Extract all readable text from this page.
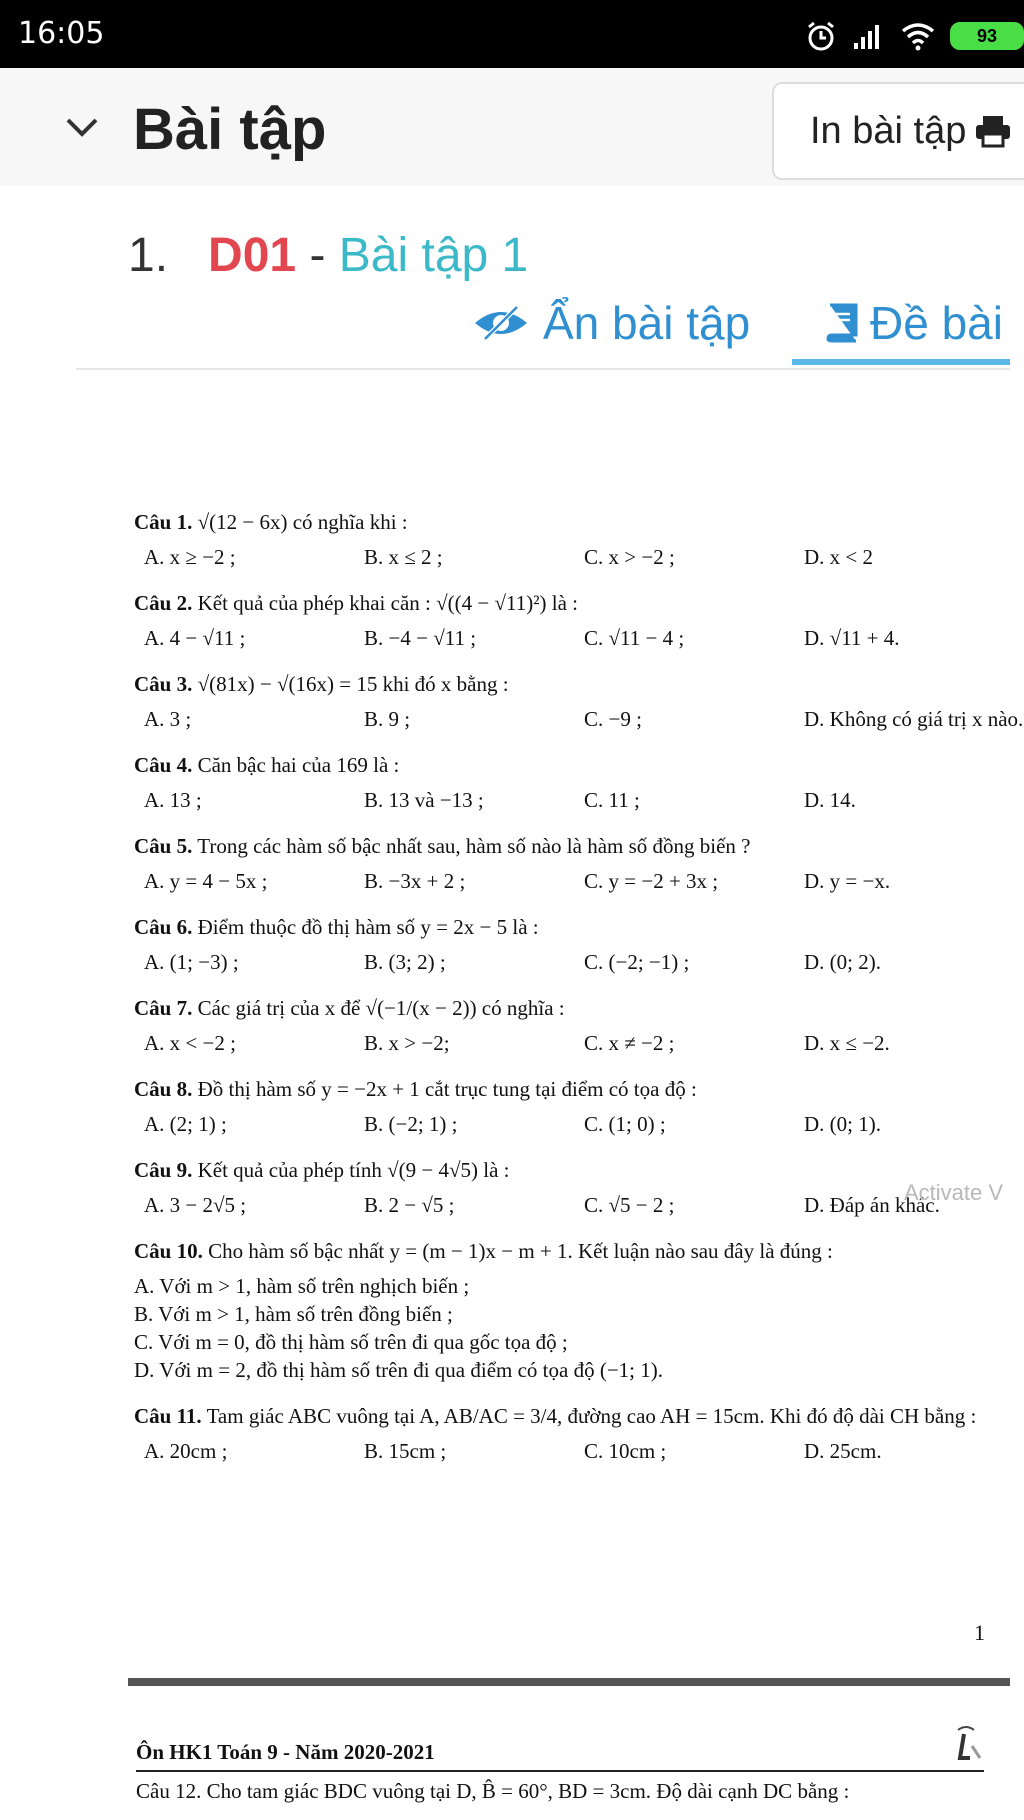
16:05	93
Bài tập	In bài tập
1. D01 - Bài tập 1
Ẩn bài tập	Đề bài
Câu 1. √(12 − 6x) có nghĩa khi :
A. x ≥ −2 ;	B. x ≤ 2 ;	C. x > −2 ;	D. x < 2
Câu 2. Kết quả của phép khai căn : √((4 − √11)²) là :
A. 4 − √11 ;	B. −4 − √11 ;	C. √11 − 4 ;	D. √11 + 4.
Câu 3. √(81x) − √(16x) = 15 khi đó x bằng :
A. 3 ;	B. 9 ;	C. −9 ;	D. Không có giá trị x nào.
Câu 4. Căn bậc hai của 169 là :
A. 13 ;	B. 13 và −13 ;	C. 11 ;	D. 14.
Câu 5. Trong các hàm số bậc nhất sau, hàm số nào là hàm số đồng biến ?
A. y = 4 − 5x ;	B. −3x + 2 ;	C. y = −2 + 3x ;	D. y = −x.
Câu 6. Điểm thuộc đồ thị hàm số y = 2x − 5 là :
A. (1; −3) ;	B. (3; 2) ;	C. (−2; −1) ;	D. (0; 2).
Câu 7. Các giá trị của x để √(−1/(x − 2)) có nghĩa :
A. x < −2 ;	B. x > −2;	C. x ≠ −2 ;	D. x ≤ −2.
Câu 8. Đồ thị hàm số y = −2x + 1 cắt trục tung tại điểm có tọa độ :
A. (2; 1) ;	B. (−2; 1) ;	C. (1; 0) ;	D. (0; 1).
Câu 9. Kết quả của phép tính √(9 − 4√5) là :
A. 3 − 2√5 ;	B. 2 − √5 ;	C. √5 − 2 ;	D. Đáp án khác.
Câu 10. Cho hàm số bậc nhất y = (m − 1)x − m + 1. Kết luận nào sau đây là đúng :
A. Với m > 1, hàm số trên nghịch biến ;
B. Với m > 1, hàm số trên đồng biến ;
C. Với m = 0, đồ thị hàm số trên đi qua gốc tọa độ ;
D. Với m = 2, đồ thị hàm số trên đi qua điểm có tọa độ (−1; 1).
Câu 11. Tam giác ABC vuông tại A, AB/AC = 3/4, đường cao AH = 15cm. Khi đó độ dài CH bằng :
A. 20cm ;	B. 15cm ;	C. 10cm ;	D. 25cm.
Activate V
1
Ôn HK1 Toán 9 - Năm 2020-2021
Câu 12. Cho tam giác BDC vuông tại D, B̂ = 60°, BD = 3cm. Độ dài cạnh DC bằng :
